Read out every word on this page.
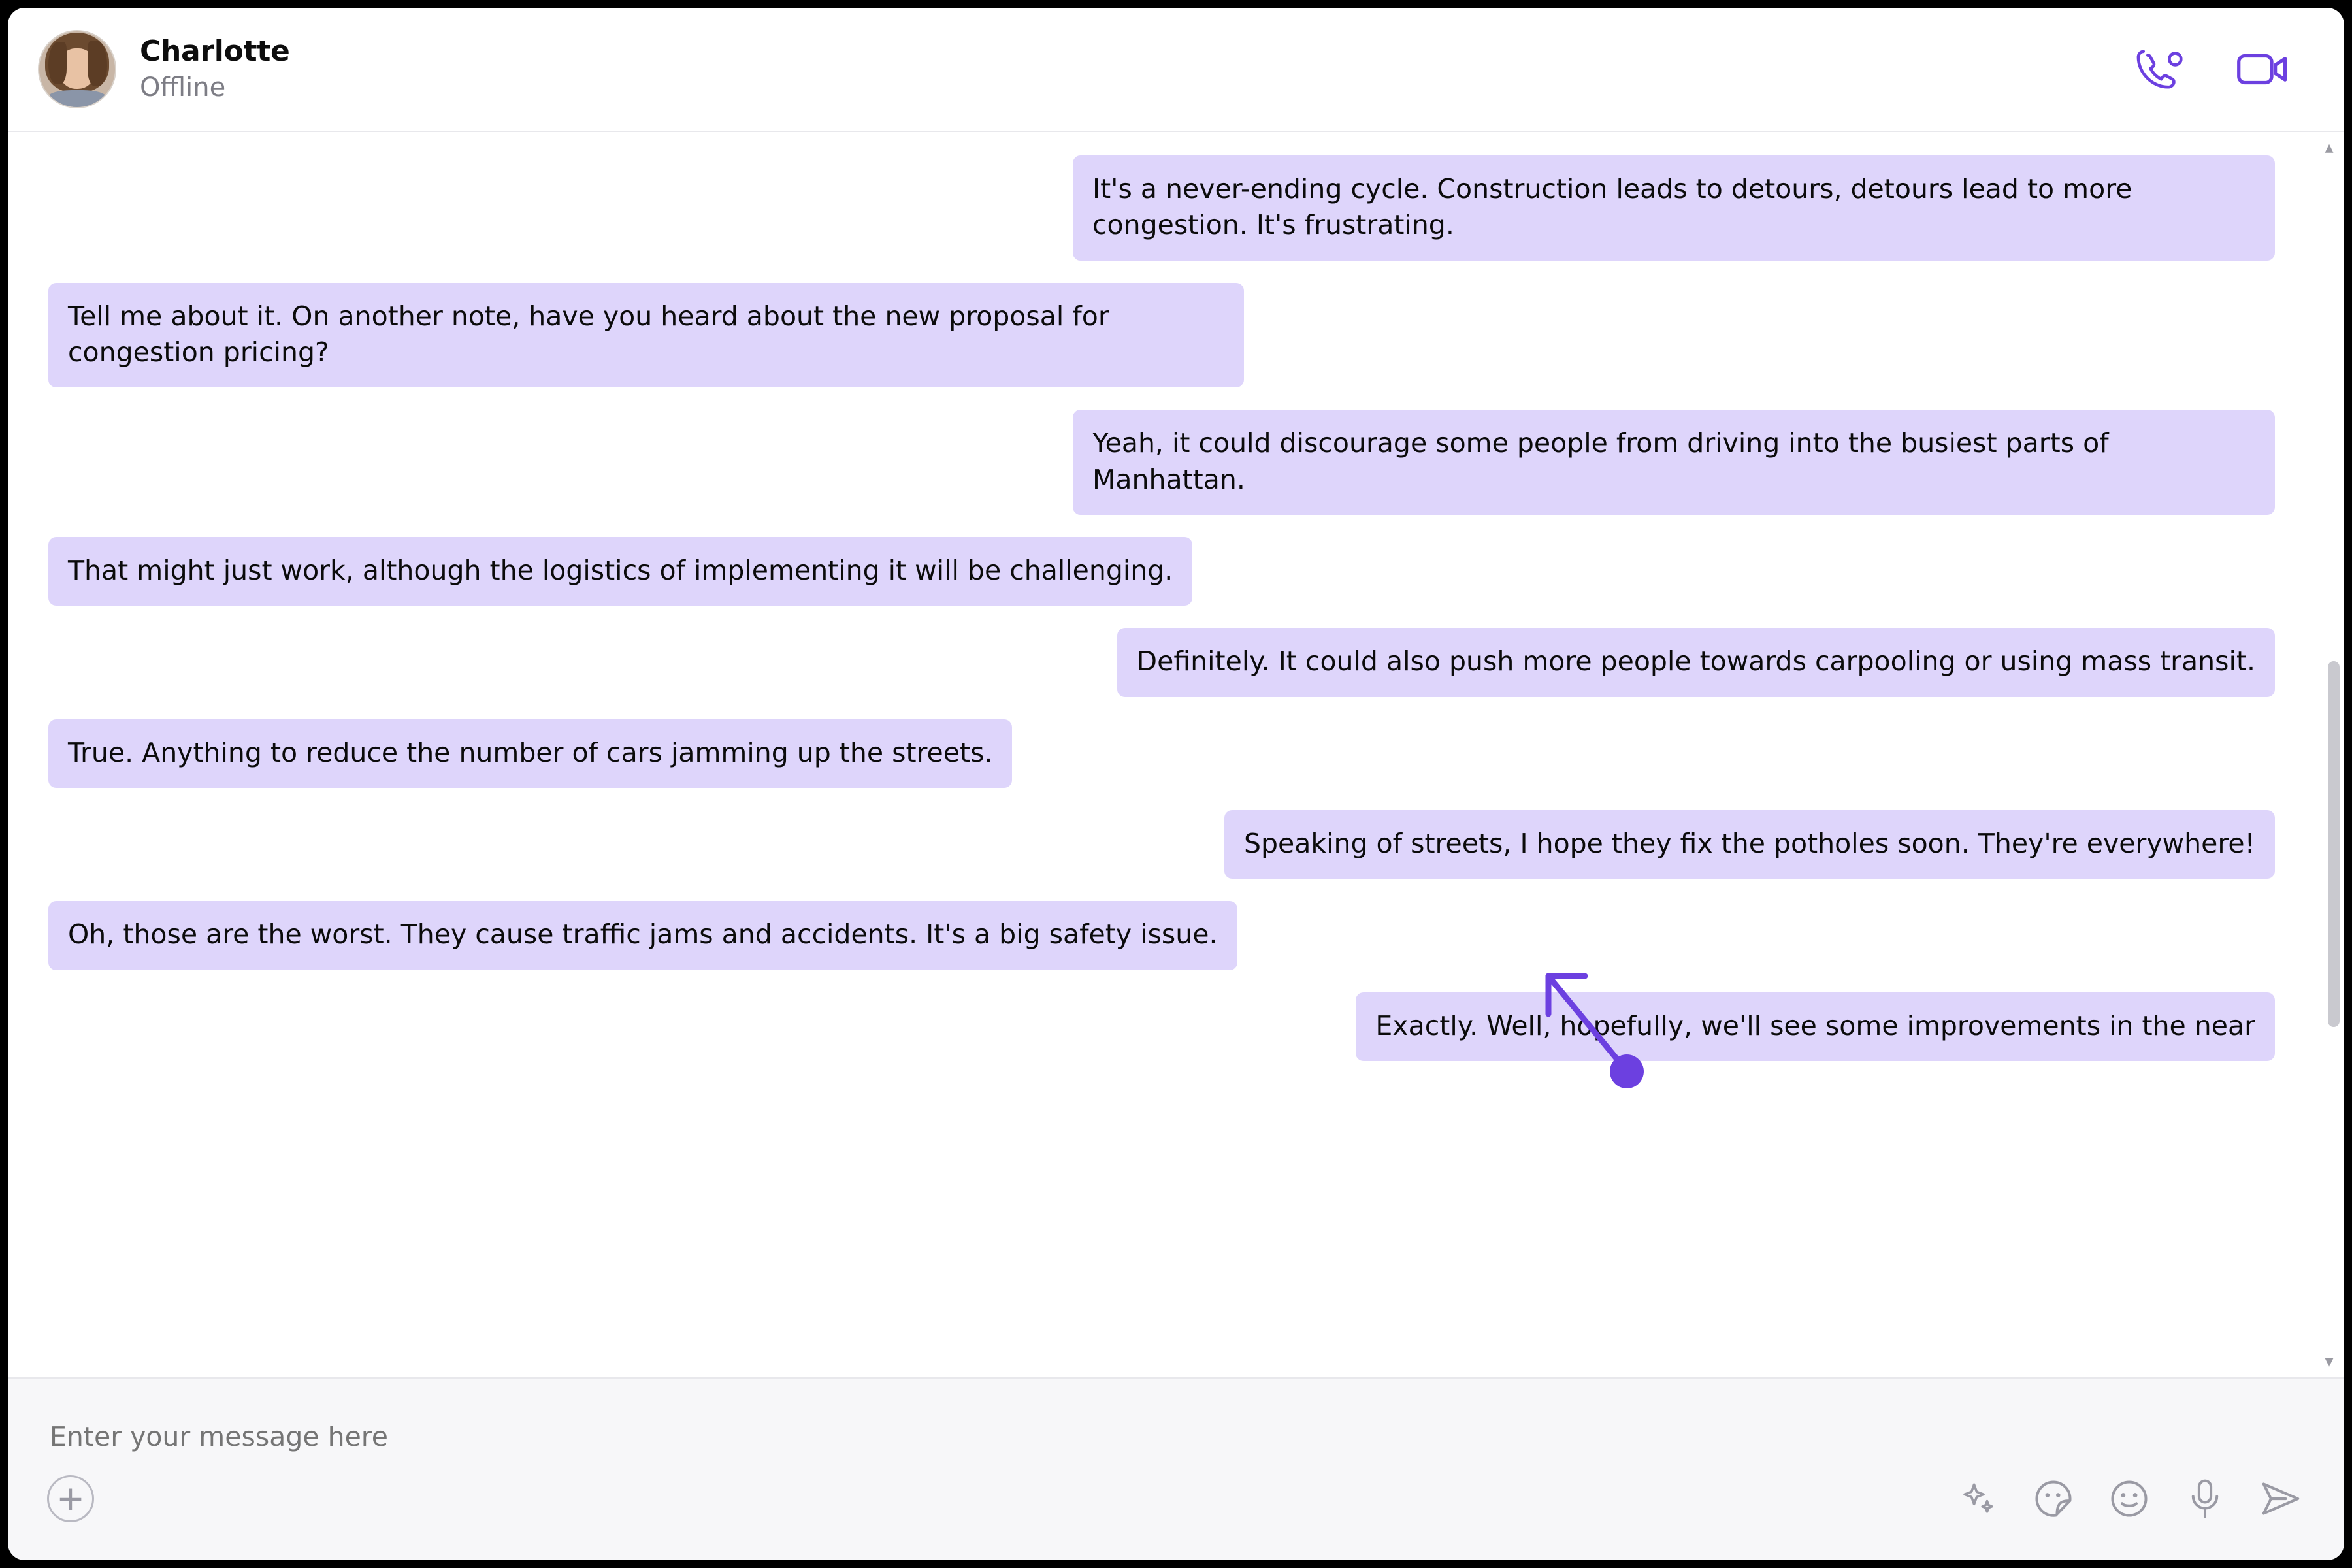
Charlotte
Offline
It's a never-ending cycle. Construction leads to detours, detours lead to more congestion. It's frustrating.
Tell me about it. On another note, have you heard about the new proposal for congestion pricing?
Yeah, it could discourage some people from driving into the busiest parts of Manhattan.
That might just work, although the logistics of implementing it will be challenging.
Definitely. It could also push more people towards carpooling or using mass transit.
True. Anything to reduce the number of cars jamming up the streets.
Speaking of streets, I hope they fix the potholes soon. They're everywhere!
Oh, those are the worst. They cause traffic jams and accidents. It's a big safety issue.
Exactly. Well, hopefully, we'll see some improvements in the near
▴
▾
Enter your message here
+
